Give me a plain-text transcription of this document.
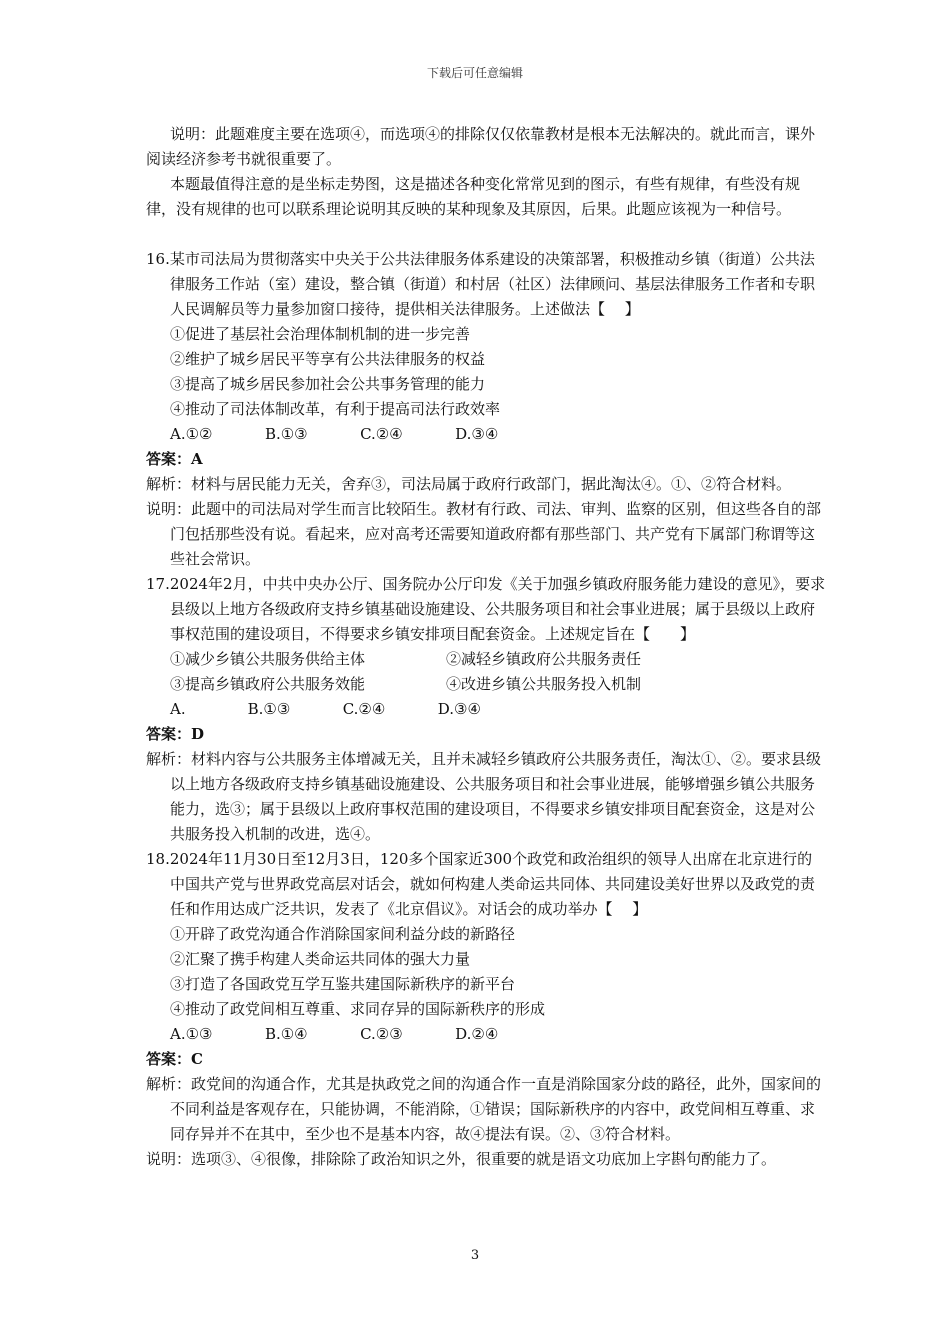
下载后可任意编辑

说明：此题难度主要在选项④，而选项④的排除仅仅依靠教材是根本无法解决的。就此而言，课外阅读经济参考书就很重要了。

本题最值得注意的是坐标走势图，这是描述各种变化常常见到的图示，有些有规律，有些没有规律，没有规律的也可以联系理论说明其反映的某种现象及其原因，后果。此题应该视为一种信号。

16.某市司法局为贯彻落实中央关于公共法律服务体系建设的决策部署，积极推动乡镇（街道）公共法律服务工作站（室）建设，整合镇（街道）和村居（社区）法律顾问、基层法律服务工作者和专职人民调解员等力量参加窗口接待，提供相关法律服务。上述做法【　 】

①促进了基层社会治理体制机制的进一步完善

②维护了城乡居民平等享有公共法律服务的权益

③提高了城乡居民参加社会公共事务管理的能力

④推动了司法体制改革，有利于提高司法行政效率

A.①②           B.①③           C.②④           D.③④

答案：A

解析：材料与居民能力无关，舍弃③，司法局属于政府行政部门，据此淘汰④。①、②符合材料。

说明：此题中的司法局对学生而言比较陌生。教材有行政、司法、审判、监察的区别，但这些各自的部门包括那些没有说。看起来，应对高考还需要知道政府都有那些部门、共产党有下属部门称谓等这些社会常识。

17.2024年2月，中共中央办公厅、国务院办公厅印发《关于加强乡镇政府服务能力建设的意见》，要求县级以上地方各级政府支持乡镇基础设施建设、公共服务项目和社会事业进展；属于县级以上政府事权范围的建设项目，不得要求乡镇安排项目配套资金。上述规定旨在【　　】

①减少乡镇公共服务供给主体	②减轻乡镇政府公共服务责任
③提高乡镇政府公共服务效能	④改进乡镇公共服务投入机制

A.             B.①③           C.②④           D.③④

答案：D

解析：材料内容与公共服务主体增减无关，且并未减轻乡镇政府公共服务责任，淘汰①、②。要求县级以上地方各级政府支持乡镇基础设施建设、公共服务项目和社会事业进展，能够增强乡镇公共服务能力，选③；属于县级以上政府事权范围的建设项目，不得要求乡镇安排项目配套资金，这是对公共服务投入机制的改进，选④。

18.2024年11月30日至12月3日，120多个国家近300个政党和政治组织的领导人出席在北京进行的中国共产党与世界政党高层对话会，就如何构建人类命运共同体、共同建设美好世界以及政党的责任和作用达成广泛共识，发表了《北京倡议》。对话会的成功举办【　 】

①开辟了政党沟通合作消除国家间利益分歧的新路径

②汇聚了携手构建人类命运共同体的强大力量

③打造了各国政党互学互鉴共建国际新秩序的新平台

④推动了政党间相互尊重、求同存异的国际新秩序的形成

A.①③           B.①④           C.②③           D.②④

答案：C

解析：政党间的沟通合作，尤其是执政党之间的沟通合作一直是消除国家分歧的路径，此外，国家间的不同利益是客观存在，只能协调，不能消除，①错误；国际新秩序的内容中，政党间相互尊重、求同存异并不在其中，至少也不是基本内容，故④提法有误。②、③符合材料。

说明：选项③、④很像，排除除了政治知识之外，很重要的就是语文功底加上字斟句酌能力了。

3
